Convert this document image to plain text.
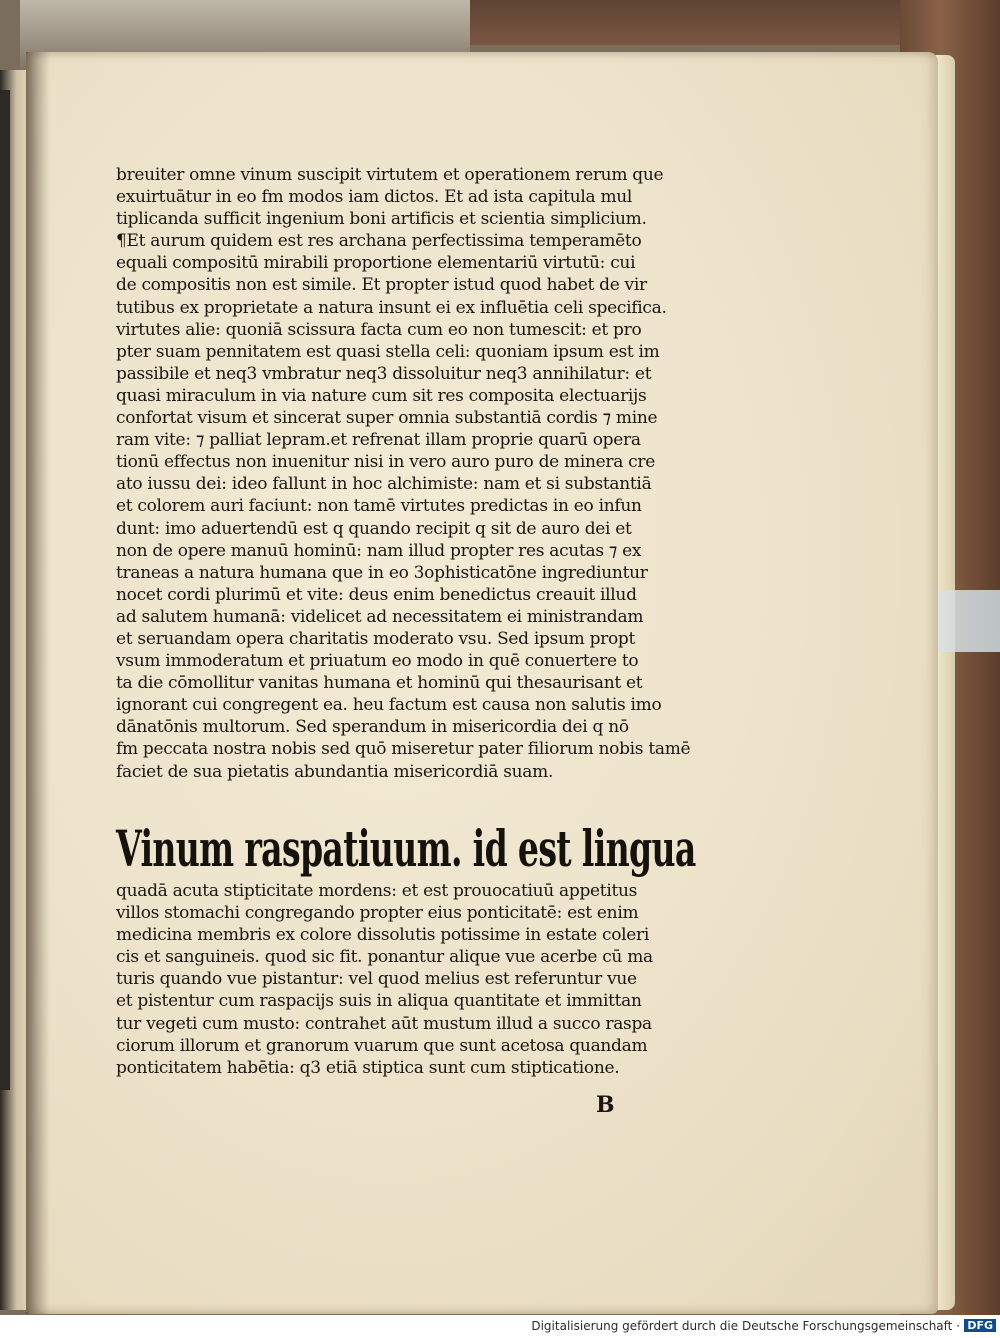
breuiter omne vinum suscipit virtutem et operationem rerum que
exuirtuātur in eo fm modos iam dictos. Et ad ista capitula mul
tiplicanda sufficit ingenium boni artificis et scientia simplicium.
¶Et aurum quidem est res archana perfectissima temperamēto
equali compositū mirabili proportione elementariū virtutū: cui
de compositis non est simile. Et propter istud quod habet de vir
tutibus ex proprietate a natura insunt ei ex influētia celi specifica.
virtutes alie: quoniā scissura facta cum eo non tumescit: et pro
pter suam pennitatem est quasi stella celi: quoniam ipsum est im
passibile et neq3 vmbratur neq3 dissoluitur neq3 annihilatur: et
quasi miraculum in via nature cum sit res composita electuarijs
confortat visum et sincerat super omnia substantiā cordis ⁊ mine
ram vite: ⁊ palliat lepram.et refrenat illam proprie quarū opera
tionū effectus non inuenitur nisi in vero auro puro de minera cre
ato iussu dei: ideo fallunt in hoc alchimiste: nam et si substantiā
et colorem auri faciunt: non tamē virtutes predictas in eo infun
dunt: imo aduertendū est q quando recipit q sit de auro dei et
non de opere manuū hominū: nam illud propter res acutas ⁊ ex
traneas a natura humana que in eo 3ophisticatōne ingrediuntur
nocet cordi plurimū et vite: deus enim benedictus creauit illud
ad salutem humanā: videlicet ad necessitatem ei ministrandam
et seruandam opera charitatis moderato vsu. Sed ipsum propt
vsum immoderatum et priuatum eo modo in quē conuertere to
ta die cōmollitur vanitas humana et hominū qui thesaurisant et
ignorant cui congregent ea. heu factum est causa non salutis imo
dānatōnis multorum. Sed sperandum in misericordia dei q nō
fm peccata nostra nobis sed quō miseretur pater filiorum nobis tamē
faciet de sua pietatis abundantia misericordiā suam.
Vinum raspatiuum. id est lingua
quadā acuta stipticitate mordens: et est prouocatiuū appetitus
villos stomachi congregando propter eius ponticitatē: est enim
medicina membris ex colore dissolutis potissime in estate coleri
cis et sanguineis. quod sic fit. ponantur alique vue acerbe cū ma
turis quando vue pistantur: vel quod melius est referuntur vue
et pistentur cum raspacijs suis in aliqua quantitate et immittan
tur vegeti cum musto: contrahet aūt mustum illud a succo raspa
ciorum illorum et granorum vuarum que sunt acetosa quandam
ponticitatem habētia: q3 etiā stiptica sunt cum stipticatione.
B
Digitalisierung gefördert durch die Deutsche Forschungsgemeinschaft · DFG
